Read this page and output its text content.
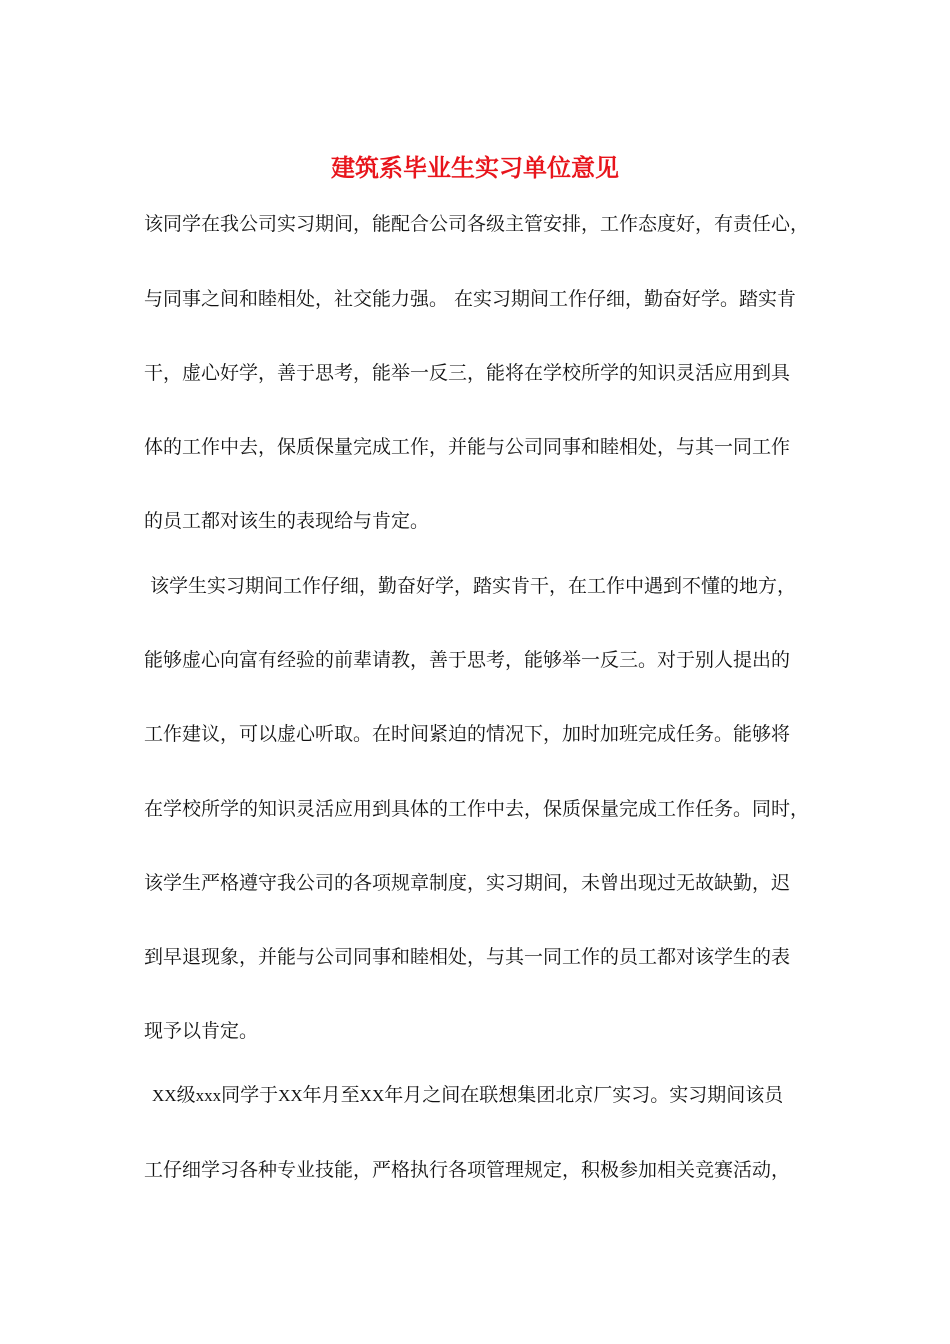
建筑系毕业生实习单位意见

该同学在我公司实习期间，能配合公司各级主管安排，工作态度好，有责任心，

与同事之间和睦相处，社交能力强。 在实习期间工作仔细，勤奋好学。踏实肯

干，虚心好学，善于思考，能举一反三，能将在学校所学的知识灵活应用到具

体的工作中去，保质保量完成工作，并能与公司同事和睦相处，与其一同工作

的员工都对该生的表现给与肯定。

该学生实习期间工作仔细，勤奋好学，踏实肯干，在工作中遇到不懂的地方，

能够虚心向富有经验的前辈请教，善于思考，能够举一反三。对于别人提出的

工作建议，可以虚心听取。在时间紧迫的情况下，加时加班完成任务。能够将

在学校所学的知识灵活应用到具体的工作中去，保质保量完成工作任务。同时，

该学生严格遵守我公司的各项规章制度，实习期间，未曾出现过无故缺勤，迟

到早退现象，并能与公司同事和睦相处，与其一同工作的员工都对该学生的表

现予以肯定。

XX级xxx同学于XX年月至XX年月之间在联想集团北京厂实习。实习期间该员

工仔细学习各种专业技能，严格执行各项管理规定，积极参加相关竞赛活动，
